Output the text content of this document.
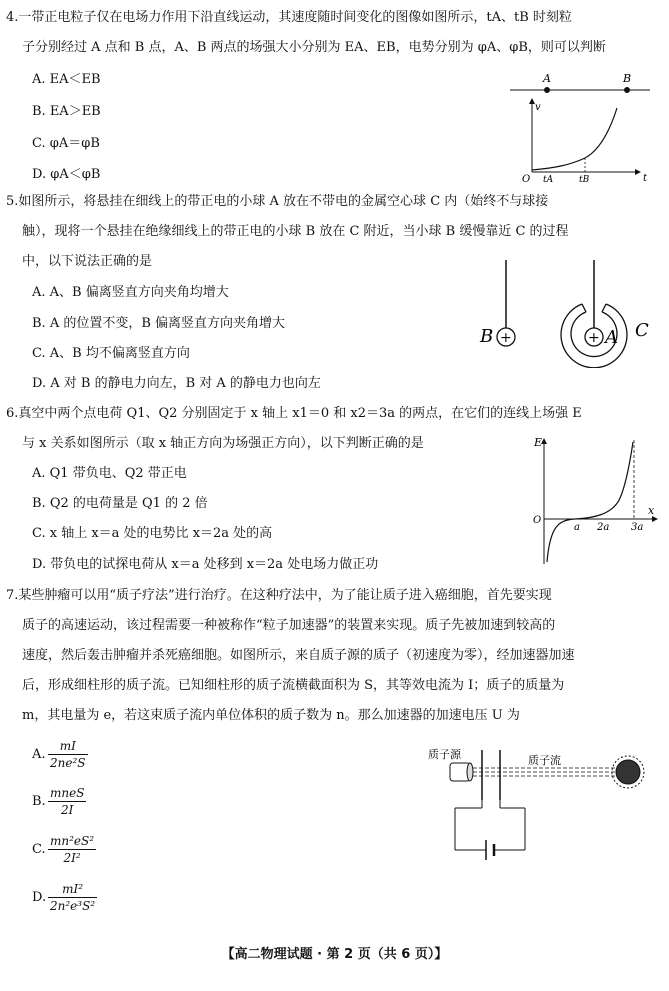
4.一带正电粒子仅在电场力作用下沿直线运动，其速度随时间变化的图像如图所示，tA、tB 时刻粒
子分别经过 A 点和 B 点，A、B 两点的场强大小分别为 EA、EB，电势分别为 φA、φB，则可以判断
A. EA＜EB
B. EA＞EB
C. φA＝φB
D. φA＜φB
A	B
v
t
O tA	tB
5.如图所示，将悬挂在细线上的带正电的小球 A 放在不带电的金属空心球 C 内（始终不与球接
触），现将一个悬挂在绝缘细线上的带正电的小球 B 放在 C 附近，当小球 B 缓慢靠近 C 的过程
中，以下说法正确的是
A. A、B 偏离竖直方向夹角均增大
B. A 的位置不变，B 偏离竖直方向夹角增大
C. A、B 均不偏离竖直方向
D. A 对 B 的静电力向左，B 对 A 的静电力也向左
+
B	+ A C
6.真空中两个点电荷 Q1、Q2 分别固定于 x 轴上 x1＝0 和 x2＝3a 的两点，在它们的连线上场强 E
与 x 关系如图所示（取 x 轴正方向为场强正方向），以下判断正确的是
A. Q1 带负电、Q2 带正电
B. Q2 的电荷量是 Q1 的 2 倍
C. x 轴上 x＝a 处的电势比 x＝2a 处的高
D. 带负电的试探电荷从 x＝a 处移到 x＝2a 处电场力做正功
E
x
O
a 2a 3a
7.某些肿瘤可以用“质子疗法”进行治疗。在这种疗法中，为了能让质子进入癌细胞，首先要实现
质子的高速运动，该过程需要一种被称作“粒子加速器”的装置来实现。质子先被加速到较高的
速度，然后轰击肿瘤并杀死癌细胞。如图所示，来自质子源的质子（初速度为零），经加速器加速
后，形成细柱形的质子流。已知细柱形的质子流横截面积为 S，其等效电流为 I；质子的质量为
m，其电量为 e，若这束质子流内单位体积的质子数为 n。那么加速器的加速电压 U 为
A. $\frac{mI}{\text{2ne²S}}$
B.
mneS
2I
C. $\frac{\text{mn²eS²}}{\text{2I²}}$
D. $\frac{\text{mI²}}{\text{2n²e³S²}}$
质子源	质子流
【高二物理试题 · 第 2 页（共 6 页）】
